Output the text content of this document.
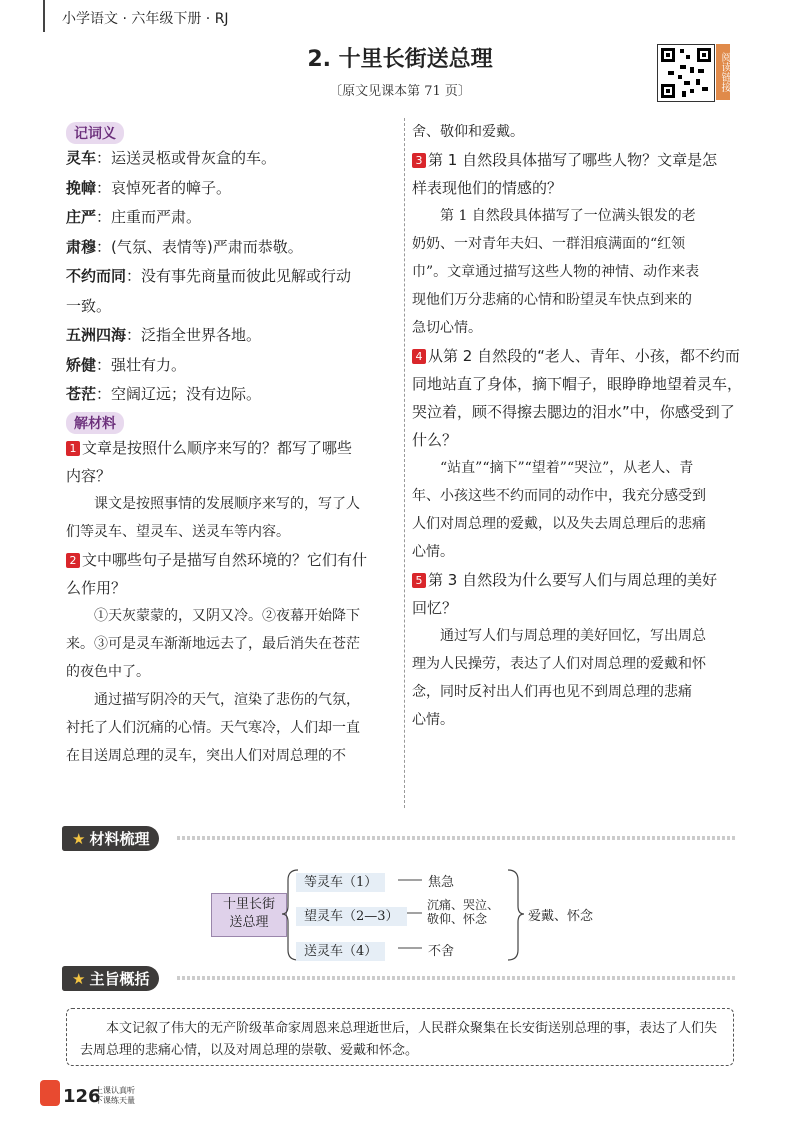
小学语文 · 六年级下册 · RJ
2. 十里长街送总理
〔原文见课本第 71 页〕	阅读链接
记词义
灵车：运送灵柩或骨灰盒的车。
挽幛：哀悼死者的幛子。
庄严：庄重而严肃。
肃穆：(气氛、表情等)严肃而恭敬。
不约而同：没有事先商量而彼此见解或行动
一致。
五洲四海：泛指全世界各地。
矫健：强壮有力。
苍茫：空阔辽远；没有边际。
解材料
1 文章是按照什么顺序来写的？都写了哪些
内容？
课文是按照事情的发展顺序来写的，写了人
们等灵车、望灵车、送灵车等内容。
2 文中哪些句子是描写自然环境的？它们有什
么作用？
①天灰蒙蒙的，又阴又冷。②夜幕开始降下
来。③可是灵车渐渐地远去了，最后消失在苍茫
的夜色中了。
通过描写阴冷的天气，渲染了悲伤的气氛，
衬托了人们沉痛的心情。天气寒冷，人们却一直
在目送周总理的灵车，突出人们对周总理的不
舍、敬仰和爱戴。
3 第 1 自然段具体描写了哪些人物？文章是怎
样表现他们的情感的？
第 1 自然段具体描写了一位满头银发的老
奶奶、一对青年夫妇、一群泪痕满面的“红领
巾”。文章通过描写这些人物的神情、动作来表
现他们万分悲痛的心情和盼望灵车快点到来的
急切心情。
4 从第 2 自然段的“老人、青年、小孩，都不约而
同地站直了身体，摘下帽子，眼睁睁地望着灵车，
哭泣着，顾不得擦去腮边的泪水”中，你感受到了
什么？
“站直”“摘下”“望着”“哭泣”，从老人、青
年、小孩这些不约而同的动作中，我充分感受到
人们对周总理的爱戴，以及失去周总理后的悲痛
心情。
5 第 3 自然段为什么要写人们与周总理的美好
回忆？
通过写人们与周总理的美好回忆，写出周总
理为人民操劳，表达了人们对周总理的爱戴和怀
念，同时反衬出人们再也见不到周总理的悲痛
心情。
★ 材料梳理
十里长街
送总理
等灵车（1）	焦急
望灵车（2—3）
沉痛、哭泣、
敬仰、怀念
送灵车（4）	不舍
爱戴、怀念
★ 主旨概括
本文记叙了伟大的无产阶级革命家周恩来总理逝世后，人民群众聚集在长安街送别总理的事，表达了人们失
去周总理的悲痛心情，以及对周总理的崇敬、爱戴和怀念。
126
上课认真听
下课练天量
